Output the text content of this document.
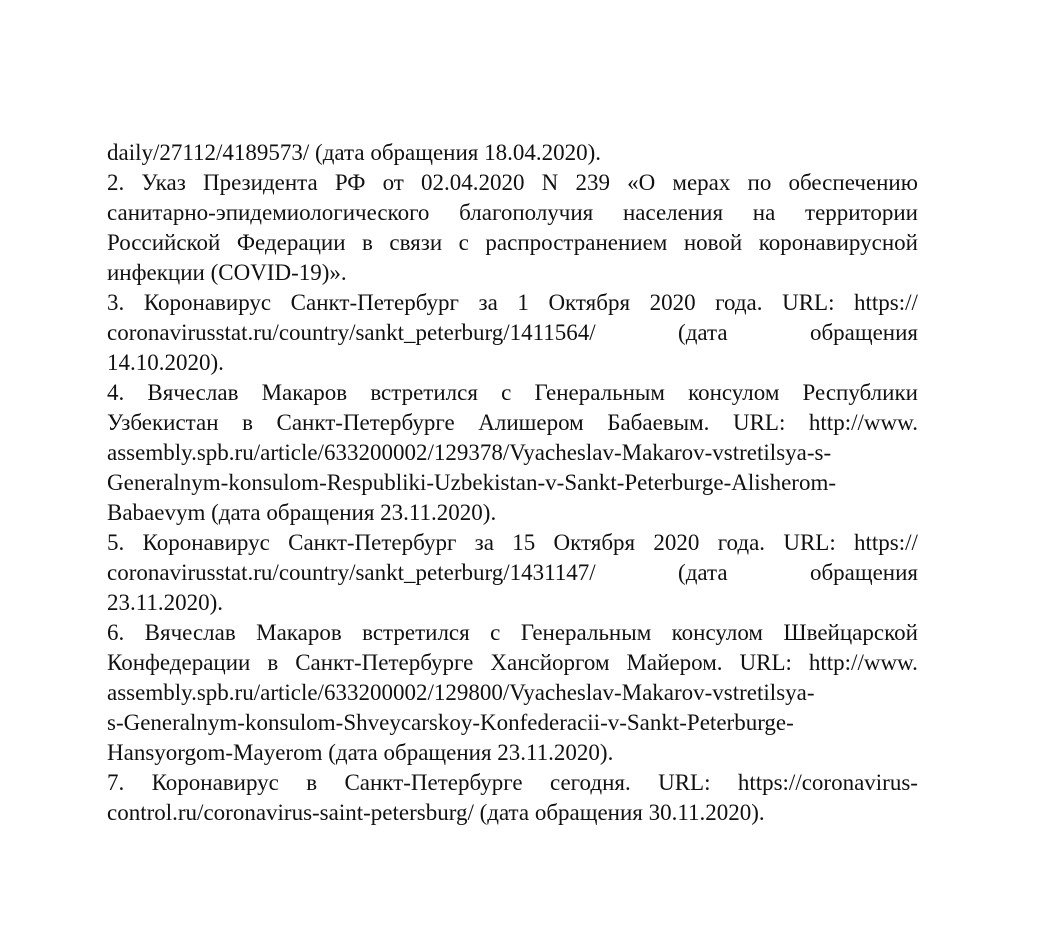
daily/27112/4189573/ (дата обращения 18.04.2020).
2. Указ Президента РФ от 02.04.2020 N 239 «О мерах по обеспечению
санитарно-эпидемиологического благополучия населения на территории
Российской Федерации в связи с распространением новой коронавирусной
инфекции (COVID-19)».
3. Коронавирус Санкт-Петербург за 1 Октября 2020 года. URL: https://
coronavirusstat.ru/country/sankt_peterburg/1411564/	(дата	обращения
14.10.2020).
4. Вячеслав Макаров встретился с Генеральным консулом Республики
Узбекистан в Санкт-Петербурге Алишером Бабаевым. URL: http://www.
assembly.spb.ru/article/633200002/129378/Vyacheslav-Makarov-vstretilsya-s-
Generalnym-konsulom-Respubliki-Uzbekistan-v-Sankt-Peterburge-Alisherom-
Babaevym (дата обращения 23.11.2020).
5. Коронавирус Санкт-Петербург за 15 Октября 2020 года. URL: https://
coronavirusstat.ru/country/sankt_peterburg/1431147/	(дата	обращения
23.11.2020).
6. Вячеслав Макаров встретился с Генеральным консулом Швейцарской
Конфедерации в Санкт-Петербурге Хансйоргом Майером. URL: http://www.
assembly.spb.ru/article/633200002/129800/Vyacheslav-Makarov-vstretilsya-
s-Generalnym-konsulom-Shveycarskoy-Konfederacii-v-Sankt-Peterburge-
Hansyorgom-Mayerom (дата обращения 23.11.2020).
7. Коронавирус в Санкт-Петербурге сегодня. URL: https://coronavirus-
control.ru/coronavirus-saint-petersburg/ (дата обращения 30.11.2020).
